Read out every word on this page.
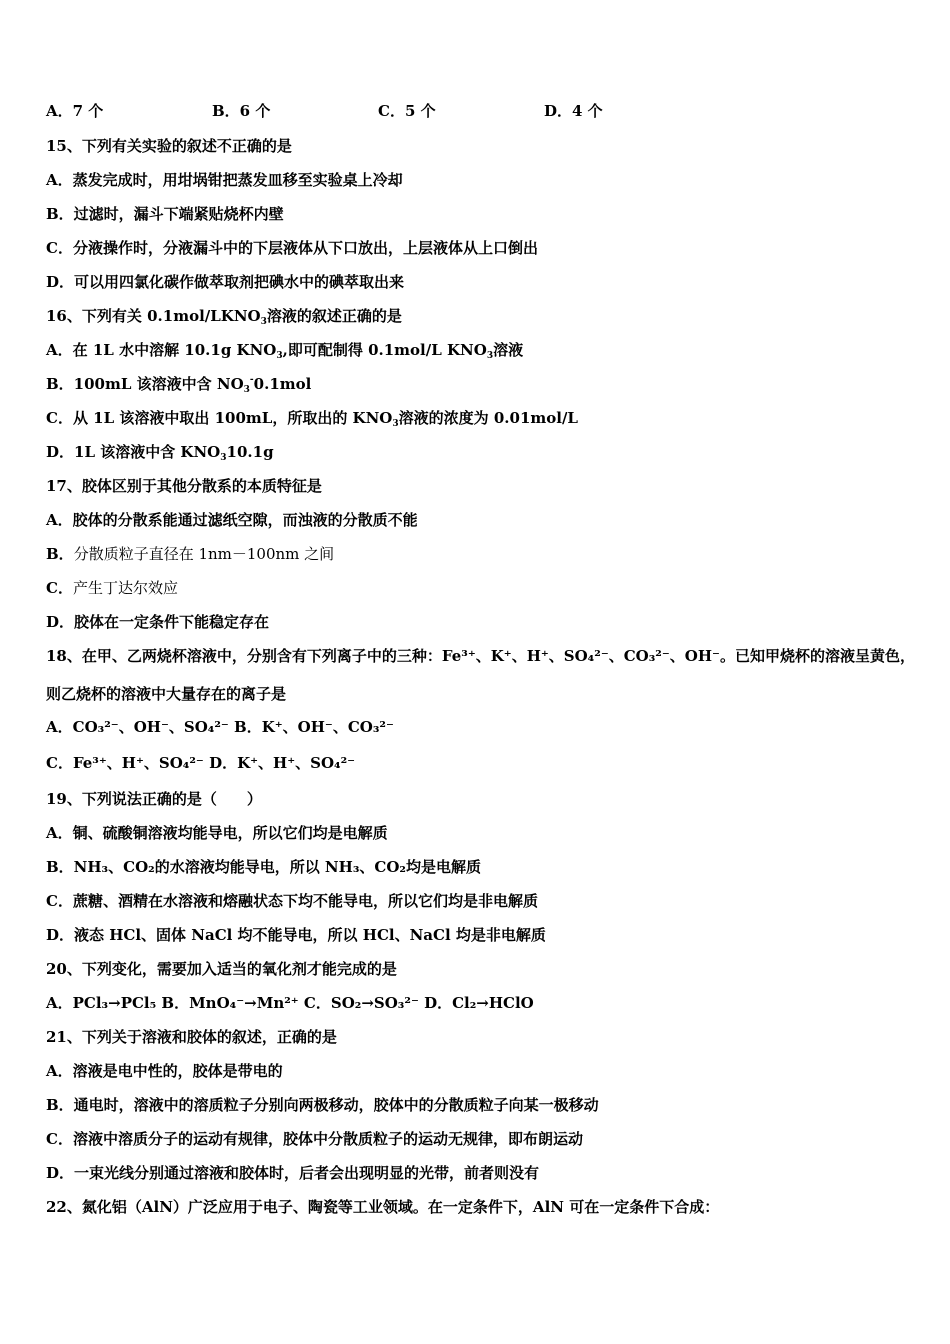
A．7 个	B．6 个	C．5 个	D．4 个
15、下列有关实验的叙述不正确的是
A．蒸发完成时，用坩埚钳把蒸发皿移至实验桌上冷却
B．过滤时，漏斗下端紧贴烧杯内壁
C．分液操作时，分液漏斗中的下层液体从下口放出，上层液体从上口倒出
D．可以用四氯化碳作做萃取剂把碘水中的碘萃取出来
16、下列有关 $0.1mol/LKNO_3$溶液的叙述正确的是
A．在 1L 水中溶解 10.1g $KNO_3$,即可配制得 0.1mol/L $KNO_3$溶液
B．100mL 该溶液中含 $NO_3^-0.1mol$
C．从 1L 该溶液中取出 100mL，所取出的 $KNO_3$溶液的浓度为 0.01mol/L
D．1L 该溶液中含 $KNO_310.1g$
17、胶体区别于其他分散系的本质特征是
A．胶体的分散系能通过滤纸空隙，而浊液的分散质不能
B．分散质粒子直径在 1nm－100nm 之间
C．产生丁达尔效应
D．胶体在一定条件下能稳定存在
18、在甲、乙两烧杯溶液中，分别含有下列离子中的三种：Fe³⁺、K⁺、H⁺、SO₄²⁻、CO₃²⁻、OH⁻。已知甲烧杯的溶液呈黄色，
则乙烧杯的溶液中大量存在的离子是
A．CO₃²⁻、OH⁻、SO₄²⁻ B．K⁺、OH⁻、CO₃²⁻
C．Fe³⁺、H⁺、SO₄²⁻ D．K⁺、H⁺、SO₄²⁻
19、下列说法正确的是（　　）
A．铜、硫酸铜溶液均能导电，所以它们均是电解质
B．NH₃、CO₂的水溶液均能导电，所以 NH₃、CO₂均是电解质
C．蔗糖、酒精在水溶液和熔融状态下均不能导电，所以它们均是非电解质
D．液态 HCl、固体 NaCl 均不能导电，所以 HCl、NaCl 均是非电解质
20、下列变化，需要加入适当的氧化剂才能完成的是
A．PCl₃→PCl₅ B．MnO₄⁻→Mn²⁺ C．SO₂→SO₃²⁻ D．Cl₂→HClO
21、下列关于溶液和胶体的叙述，正确的是
A．溶液是电中性的，胶体是带电的
B．通电时，溶液中的溶质粒子分别向两极移动，胶体中的分散质粒子向某一极移动
C．溶液中溶质分子的运动有规律，胶体中分散质粒子的运动无规律，即布朗运动
D．一束光线分别通过溶液和胶体时，后者会出现明显的光带，前者则没有
22、氮化铝（AlN）广泛应用于电子、陶瓷等工业领域。在一定条件下，AlN 可在一定条件下合成：
